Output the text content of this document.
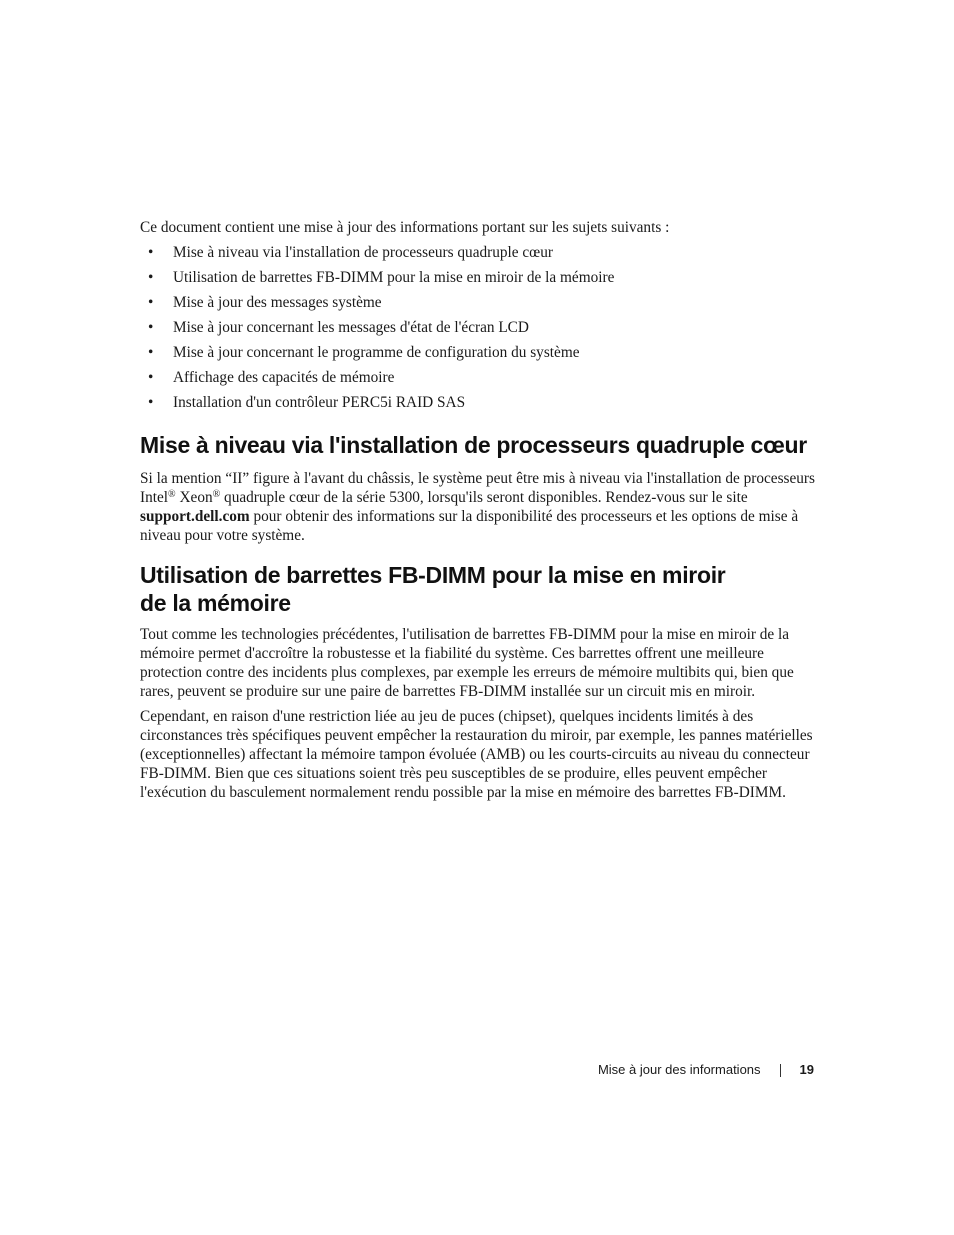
Ce document contient une mise à jour des informations portant sur les sujets suivants :

• Mise à niveau via l'installation de processeurs quadruple cœur
• Utilisation de barrettes FB-DIMM pour la mise en miroir de la mémoire
• Mise à jour des messages système
• Mise à jour concernant les messages d'état de l'écran LCD
• Mise à jour concernant le programme de configuration du système
• Affichage des capacités de mémoire
• Installation d'un contrôleur PERC5i RAID SAS
Mise à niveau via l'installation de processeurs quadruple cœur

Si la mention “II” figure à l'avant du châssis, le système peut être mis à niveau via l'installation de processeurs Intel® Xeon® quadruple cœur de la série 5300, lorsqu'ils seront disponibles. Rendez-vous sur le site support.dell.com pour obtenir des informations sur la disponibilité des processeurs et les options de mise à niveau pour votre système.

Utilisation de barrettes FB-DIMM pour la mise en miroir
de la mémoire

Tout comme les technologies précédentes, l'utilisation de barrettes FB-DIMM pour la mise en miroir de la mémoire permet d'accroître la robustesse et la fiabilité du système. Ces barrettes offrent une meilleure protection contre des incidents plus complexes, par exemple les erreurs de mémoire multibits qui, bien que rares, peuvent se produire sur une paire de barrettes FB-DIMM installée sur un circuit mis en miroir.

Cependant, en raison d'une restriction liée au jeu de puces (chipset), quelques incidents limités à des circonstances très spécifiques peuvent empêcher la restauration du miroir, par exemple, les pannes matérielles (exceptionnelles) affectant la mémoire tampon évoluée (AMB) ou les courts-circuits au niveau du connecteur FB-DIMM. Bien que ces situations soient très peu susceptibles de se produire, elles peuvent empêcher l'exécution du basculement normalement rendu possible par la mise en mémoire des barrettes FB-DIMM.

Mise à jour des informations	19
